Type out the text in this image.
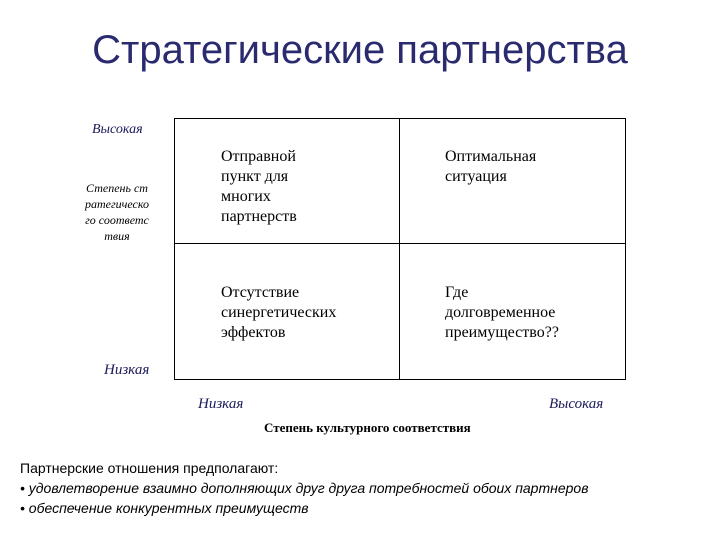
Стратегические партнерства
Высокая
Степень стратегического соответствия
Низкая
Отправной
пункт для
многих
партнерств
Оптимальная
ситуация
Отсутствие
синергетических
эффектов
Где
долговременное
преимущество??
Низкая	Высокая
Степень культурного соответствия
Партнерские отношения предполагают:
• удовлетворение взаимно дополняющих друг друга потребностей обоих партнеров
• обеспечение конкурентных преимуществ
